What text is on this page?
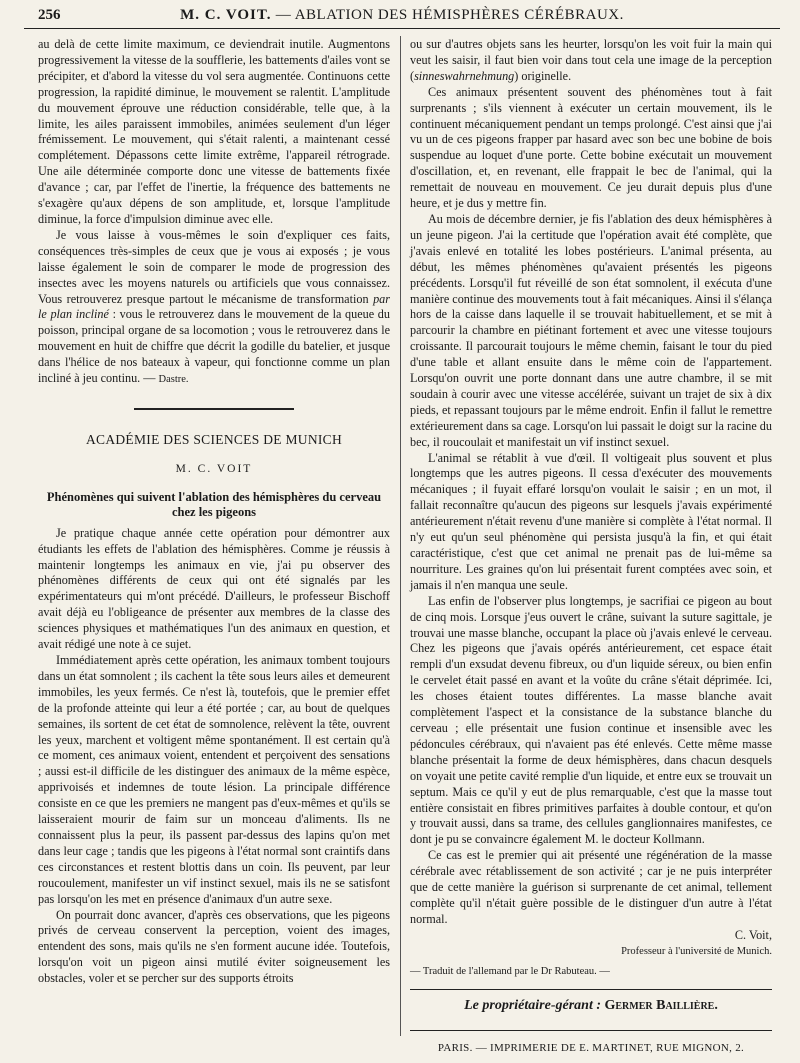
256	M. C. VOIT. — ABLATION DES HÉMISPHÈRES CÉRÉBRAUX.

au delà de cette limite maximum, ce deviendrait inutile. Augmentons progressivement la vitesse de la soufflerie, les battements d'ailes vont se précipiter, et d'abord la vitesse du vol sera augmentée. Continuons cette progression, la rapidité diminue, le mouvement se ralentit. L'amplitude du mouvement éprouve une réduction considérable, telle que, à la limite, les ailes paraissent immobiles, animées seulement d'un léger frémissement. Le mouvement, qui s'était ralenti, a maintenant cessé complétement. Dépassons cette limite extrême, l'appareil rétrograde. Une aile déterminée comporte donc une vitesse de battements fixée d'avance ; car, par l'effet de l'inertie, la fréquence des battements ne s'exagère qu'aux dépens de son amplitude, et, lorsque l'amplitude diminue, la force d'impulsion diminue avec elle.

Je vous laisse à vous-mêmes le soin d'expliquer ces faits, conséquences très-simples de ceux que je vous ai exposés ; je vous laisse également le soin de comparer le mode de progression des insectes avec les moyens naturels ou artificiels que vous connaissez. Vous retrouverez presque partout le mécanisme de transformation par le plan incliné : vous le retrouverez dans le mouvement de la queue du poisson, principal organe de sa locomotion ; vous le retrouverez dans le mouvement en huit de chiffre que décrit la godille du batelier, et jusque dans l'hélice de nos bateaux à vapeur, qui fonctionne comme un plan incliné à jeu continu. — Dastre.

ACADÉMIE DES SCIENCES DE MUNICH
M. C. VOIT
Phénomènes qui suivent l'ablation des hémisphères du cerveau chez les pigeons

Je pratique chaque année cette opération pour démontrer aux étudiants les effets de l'ablation des hémisphères. Comme je réussis à maintenir longtemps les animaux en vie, j'ai pu observer des phénomènes différents de ceux qui ont été signalés par les expérimentateurs qui m'ont précédé. D'ailleurs, le professeur Bischoff avait déjà eu l'obligeance de présenter aux membres de la classe des sciences physiques et mathématiques l'un des animaux en question, et avait rédigé une note à ce sujet.

Immédiatement après cette opération, les animaux tombent toujours dans un état somnolent ; ils cachent la tête sous leurs ailes et demeurent immobiles, les yeux fermés. Ce n'est là, toutefois, que le premier effet de la profonde atteinte qui leur a été portée ; car, au bout de quelques semaines, ils sortent de cet état de somnolence, relèvent la tête, ouvrent les yeux, marchent et voltigent même spontanément. Il est certain qu'à ce moment, ces animaux voient, entendent et perçoivent des sensations ; aussi est-il difficile de les distinguer des animaux de la même espèce, apprivoisés et indemnes de toute lésion. La principale différence consiste en ce que les premiers ne mangent pas d'eux-mêmes et qu'ils se laisseraient mourir de faim sur un monceau d'aliments. Ils ne connaissent plus la peur, ils passent par-dessus des lapins qu'on met dans leur cage ; tandis que les pigeons à l'état normal sont craintifs dans ces circonstances et restent blottis dans un coin. Ils peuvent, par leur roucoulement, manifester un vif instinct sexuel, mais ils ne se satisfont pas lorsqu'on les met en présence d'animaux d'un autre sexe.

On pourrait donc avancer, d'après ces observations, que les pigeons privés de cerveau conservent la perception, voient des images, entendent des sons, mais qu'ils ne s'en forment aucune idée. Toutefois, lorsqu'on voit un pigeon ainsi mutilé éviter soigneusement les obstacles, voler et se percher sur des supports étroits

ou sur d'autres objets sans les heurter, lorsqu'on les voit fuir la main qui veut les saisir, il faut bien voir dans tout cela une image de la perception (sinneswahrnehmung) originelle.

Ces animaux présentent souvent des phénomènes tout à fait surprenants ; s'ils viennent à exécuter un certain mouvement, ils le continuent mécaniquement pendant un temps prolongé. C'est ainsi que j'ai vu un de ces pigeons frapper par hasard avec son bec une bobine de bois suspendue au loquet d'une porte. Cette bobine exécutait un mouvement d'oscillation, et, en revenant, elle frappait le bec de l'animal, qui la remettait de nouveau en mouvement. Ce jeu durait depuis plus d'une heure, et je dus y mettre fin.

Au mois de décembre dernier, je fis l'ablation des deux hémisphères à un jeune pigeon. J'ai la certitude que l'opération avait été complète, que j'avais enlevé en totalité les lobes postérieurs. L'animal présenta, au début, les mêmes phénomènes qu'avaient présentés les pigeons précédents. Lorsqu'il fut réveillé de son état somnolent, il exécuta d'une manière continue des mouvements tout à fait mécaniques. Ainsi il s'élança hors de la caisse dans laquelle il se trouvait habituellement, et se mit à parcourir la chambre en piétinant fortement et avec une vitesse toujours croissante. Il parcourait toujours le même chemin, faisant le tour du pied d'une table et allant ensuite dans le même coin de l'appartement. Lorsqu'on ouvrit une porte donnant dans une autre chambre, il se mit soudain à courir avec une vitesse accélérée, suivant un trajet de six à dix pieds, et repassant toujours par le même endroit. Enfin il fallut le remettre extérieurement dans sa cage. Lorsqu'on lui passait le doigt sur la racine du bec, il roucoulait et manifestait un vif instinct sexuel.

L'animal se rétablit à vue d'œil. Il voltigeait plus souvent et plus longtemps que les autres pigeons. Il cessa d'exécuter des mouvements mécaniques ; il fuyait effaré lorsqu'on voulait le saisir ; en un mot, il fallait reconnaître qu'aucun des pigeons sur lesquels j'avais expérimenté antérieurement n'était revenu d'une manière si complète à l'état normal. Il n'y eut qu'un seul phénomène qui persista jusqu'à la fin, et qui était caractéristique, c'est que cet animal ne prenait pas de lui-même sa nourriture. Les graines qu'on lui présentait furent comptées avec soin, et jamais il n'en manqua une seule.

Las enfin de l'observer plus longtemps, je sacrifiai ce pigeon au bout de cinq mois. Lorsque j'eus ouvert le crâne, suivant la suture sagittale, je trouvai une masse blanche, occupant la place où j'avais enlevé le cerveau. Chez les pigeons que j'avais opérés antérieurement, cet espace était rempli d'un exsudat devenu fibreux, ou d'un liquide séreux, ou bien enfin le cervelet était passé en avant et la voûte du crâne s'était déprimée. Ici, les choses étaient toutes différentes. La masse blanche avait complètement l'aspect et la consistance de la substance blanche du cerveau ; elle présentait une fusion continue et insensible avec les pédoncules cérébraux, qui n'avaient pas été enlevés. Cette même masse blanche présentait la forme de deux hémisphères, dans chacun desquels on voyait une petite cavité remplie d'un liquide, et entre eux se trouvait un septum. Mais ce qu'il y eut de plus remarquable, c'est que la masse tout entière consistait en fibres primitives parfaites à double contour, et qu'on y trouvait aussi, dans sa trame, des cellules ganglionnaires manifestes, ce dont je pu se convaincre également M. le docteur Kollmann.

Ce cas est le premier qui ait présenté une régénération de la masse cérébrale avec rétablissement de son activité ; car je ne puis interpréter que de cette manière la guérison si surprenante de cet animal, tellement complète qu'il n'était guère possible de le distinguer d'un autre à l'état normal.

C. Voit,
Professeur à l'université de Munich.
— Traduit de l'allemand par le Dr Rabuteau. —
Le propriétaire-gérant : Germer Baillière.
PARIS. — IMPRIMERIE DE E. MARTINET, RUE MIGNON, 2.
